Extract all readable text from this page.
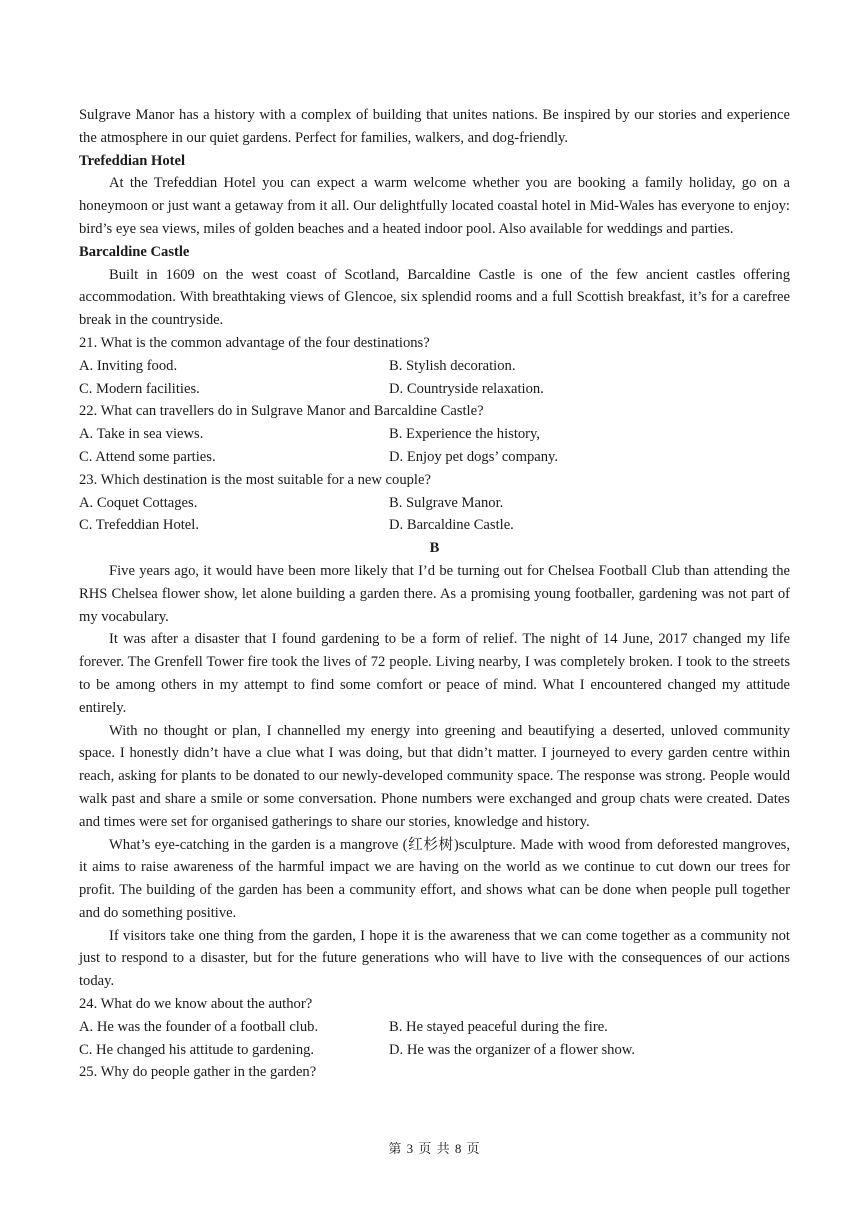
Sulgrave Manor has a history with a complex of building that unites nations. Be inspired by our stories and experience the atmosphere in our quiet gardens. Perfect for families, walkers, and dog-friendly.

Trefeddian Hotel

At the Trefeddian Hotel you can expect a warm welcome whether you are booking a family holiday, go on a honeymoon or just want a getaway from it all. Our delightfully located coastal hotel in Mid-Wales has everyone to enjoy: bird’s eye sea views, miles of golden beaches and a heated indoor pool. Also available for weddings and parties.

Barcaldine Castle

Built in 1609 on the west coast of Scotland, Barcaldine Castle is one of the few ancient castles offering accommodation. With breathtaking views of Glencoe, six splendid rooms and a full Scottish breakfast, it’s for a carefree break in the countryside.

21. What is the common advantage of the four destinations?

A. Inviting food.	B. Stylish decoration.
C. Modern facilities.	D. Countryside relaxation.

22. What can travellers do in Sulgrave Manor and Barcaldine Castle?

A. Take in sea views.	B. Experience the history,
C. Attend some parties.	D. Enjoy pet dogs’ company.

23. Which destination is the most suitable for a new couple?

A. Coquet Cottages.	B. Sulgrave Manor.
C. Trefeddian Hotel.	D. Barcaldine Castle.

B

Five years ago, it would have been more likely that I’d be turning out for Chelsea Football Club than attending the RHS Chelsea flower show, let alone building a garden there. As a promising young footballer, gardening was not part of my vocabulary.

It was after a disaster that I found gardening to be a form of relief. The night of 14 June, 2017 changed my life forever. The Grenfell Tower fire took the lives of 72 people. Living nearby, I was completely broken. I took to the streets to be among others in my attempt to find some comfort or peace of mind. What I encountered changed my attitude entirely.

With no thought or plan, I channelled my energy into greening and beautifying a deserted, unloved community space. I honestly didn’t have a clue what I was doing, but that didn’t matter. I journeyed to every garden centre within reach, asking for plants to be donated to our newly-developed community space. The response was strong. People would walk past and share a smile or some conversation. Phone numbers were exchanged and group chats were created. Dates and times were set for organised gatherings to share our stories, knowledge and history.

What’s eye-catching in the garden is a mangrove (红杉树)sculpture. Made with wood from deforested mangroves, it aims to raise awareness of the harmful impact we are having on the world as we continue to cut down our trees for profit. The building of the garden has been a community effort, and shows what can be done when people pull together and do something positive.

If visitors take one thing from the garden, I hope it is the awareness that we can come together as a community not just to respond to a disaster, but for the future generations who will have to live with the consequences of our actions today.

24. What do we know about the author?

A. He was the founder of a football club.	B. He stayed peaceful during the fire.
C. He changed his attitude to gardening.	D. He was the organizer of a flower show.

25. Why do people gather in the garden?

第 3 页 共 8 页
